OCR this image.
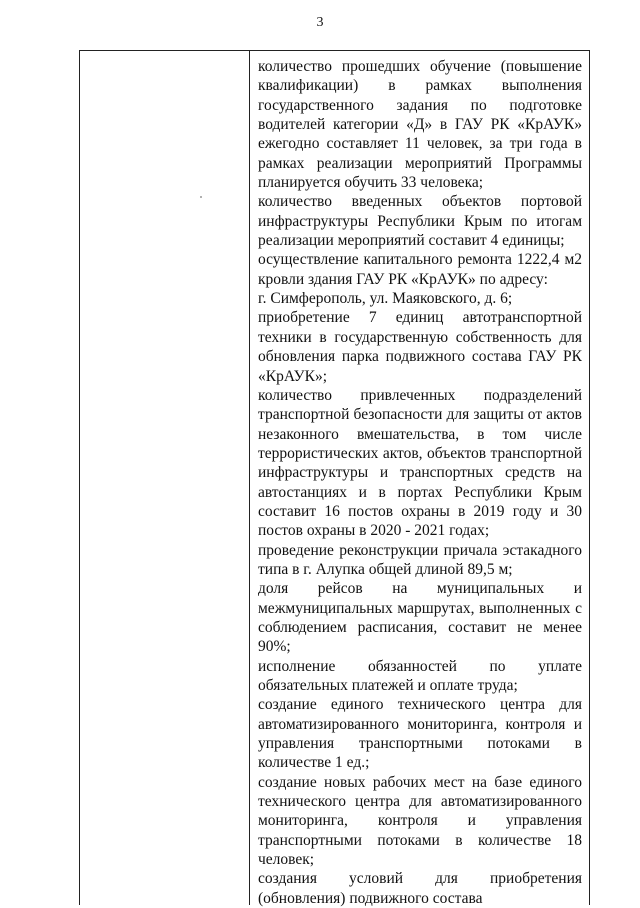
3

количество прошедших обучение (повышение квалификации) в рамках выполнения государственного задания по подготовке водителей категории «Д» в ГАУ РК «КрАУК» ежегодно составляет 11 человек, за три года в рамках реализации мероприятий Программы планируется обучить 33 человека;

количество введенных объектов портовой инфраструктуры Республики Крым по итогам реализации мероприятий составит 4 единицы;

осуществление капитального ремонта 1222,4 м2 кровли здания ГАУ РК «КрАУК» по адресу:

г. Симферополь, ул. Маяковского, д. 6;

приобретение 7 единиц автотранспортной техники в государственную собственность для обновления парка подвижного состава ГАУ РК «КрАУК»;

количество привлеченных подразделений транспортной безопасности для защиты от актов незаконного вмешательства, в том числе террористических актов, объектов транспортной инфраструктуры и транспортных средств на автостанциях и в портах Республики Крым составит 16 постов охраны в 2019 году и 30 постов охраны в 2020 - 2021 годах;

проведение реконструкции причала эстакадного типа в г. Алупка общей длиной 89,5 м;

доля рейсов на муниципальных и межмуниципальных маршрутах, выполненных с соблюдением расписания, составит не менее 90%;

исполнение обязанностей по уплате обязательных платежей и оплате труда;

создание единого технического центра для автоматизированного мониторинга, контроля и управления транспортными потоками в количестве 1 ед.;

создание новых рабочих мест на базе единого технического центра для автоматизированного мониторинга, контроля и управления транспортными потоками в количестве 18 человек;

создания условий для приобретения (обновления) подвижного состава
